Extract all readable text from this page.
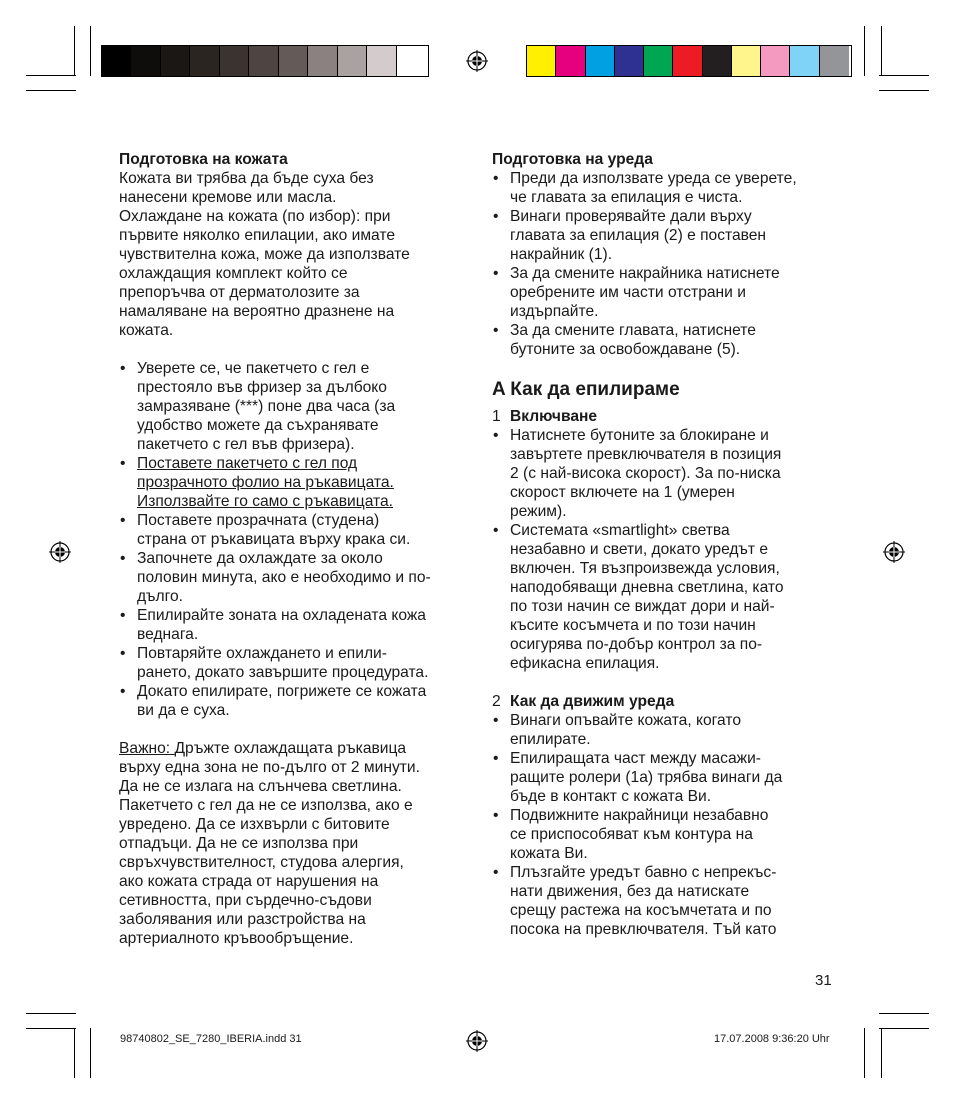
Подготовка на кожата
Кожата ви трябва да бъде суха без
нанесени кремове или масла.
Охлаждане на кожата (по избор): при
първите няколко епилации, ако имате
чувствителна кожа, може да използвате
охлаждащия комплект който се
препоръчва от дерматолозите за
намаляване на вероятно дразнене на
кожата.
• Уверете се, че пакетчето с гел е
престояло във фризер за дълбоко
замразяване (***) поне два часа (за
удобство можете да съхранявате
пакетчето с гел във фризера).
• Поставете пакетчето с гел под
прозрачното фолио на ръкавицата.
Използвайте го само с ръкавицата.
• Поставете прозрачната (студена)
страна от ръкавицата върху крака си.
• Започнете да охлаждате за около
половин минута, ако е необходимо и по-
дълго.
• Епилирайте зоната на охладената кожа
веднага.
• Повтаряйте охлаждането и епили-
рането, докато завършите процедурата.
• Докато епилирате, погрижете се кожата
ви да е суха.
Важно: Дръжте охлаждащата ръкавица
върху една зона не по-дълго от 2 минути.
Да не се излага на слънчева светлина.
Пакетчето с гел да не се използва, ако е
увредено. Да се изхвърли с битовите
отпадъци. Да не се използва при
свръхчувствителност, студова алергия,
ако кожата страда от нарушения на
сетивността, при сърдечно-съдови
заболявания или разстройства на
артериалното кръвообръщение.
Подготовка на уреда
• Преди да използвате уреда се уверете,
че главата за епилация е чиста.
• Винаги проверявайте дали върху
главата за епилация (2) е поставен
накрайник (1).
• За да смените накрайника натиснете
оребрените им части отстрани и
издърпайте.
• За да смените главата, натиснете
бутоните за освобождаване (5).
A Как да епилираме
1 Включване
• Натиснете бутоните за блокиране и
завъртете превключвателя в позиция
2 (с най-висока скорост). За по-ниска
скорост включете на 1 (умерен
режим).
• Системата «smartlight» светва
незабавно и свети, докато уредът е
включен. Тя възпроизвежда условия,
наподобяващи дневна светлина, като
по този начин се виждат дори и най-
късите косъмчета и по този начин
осигурява по-добър контрол за по-
ефикасна епилация.
2 Как да движим уреда
• Винаги опъвайте кожата, когато
епилирате.
• Епилиращата част между масажи-
ращите ролери (1а) трябва винаги да
бъде в контакт с кожата Ви.
• Подвижните накрайници незабавно
се приспособяват към контура на
кожата Ви.
• Плъзгайте уредът бавно с непрекъс-
нати движения, без да натискате
срещу растежа на косъмчетата и по
посока на превключвателя. Тъй като
31
98740802_SE_7280_IBERIA.indd 31	17.07.2008 9:36:20 Uhr
